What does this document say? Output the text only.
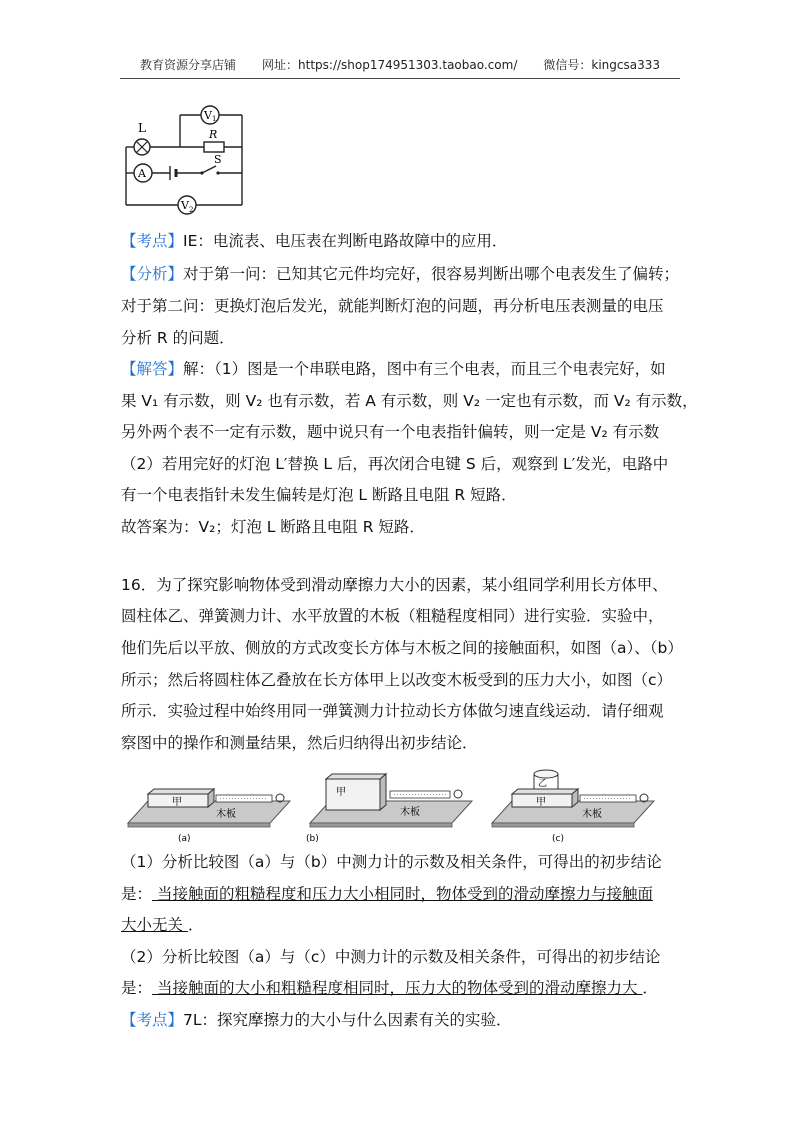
教育资源分享店铺 网址：https://shop174951303.taobao.com/ 微信号：kingcsa333
L	R
V 1
A
S
V 2
【考点】IE：电流表、电压表在判断电路故障中的应用．
【分析】对于第一问：已知其它元件均完好，很容易判断出哪个电表发生了偏转；
对于第二问：更换灯泡后发光，就能判断灯泡的问题，再分析电压表测量的电压
分析 R 的问题．
【解答】解：（1）图是一个串联电路，图中有三个电表，而且三个电表完好，如
果 V₁ 有示数，则 V₂ 也有示数，若 A 有示数，则 V₂ 一定也有示数，而 V₂ 有示数，
另外两个表不一定有示数，题中说只有一个电表指针偏转，则一定是 V₂ 有示数
（2）若用完好的灯泡 L′替换 L 后，再次闭合电键 S 后，观察到 L′发光，电路中
有一个电表指针未发生偏转是灯泡 L 断路且电阻 R 短路．
故答案为：V₂；灯泡 L 断路且电阻 R 短路．
16．为了探究影响物体受到滑动摩擦力大小的因素，某小组同学利用长方体甲、
圆柱体乙、弹簧测力计、水平放置的木板（粗糙程度相同）进行实验．实验中，
他们先后以平放、侧放的方式改变长方体与木板之间的接触面积，如图（a）、（b）
所示；然后将圆柱体乙叠放在长方体甲上以改变木板受到的压力大小，如图（c）
所示．实验过程中始终用同一弹簧测力计拉动长方体做匀速直线运动．请仔细观
察图中的操作和测量结果，然后归纳得出初步结论．
甲
木板
(a)
甲
木板
(b)
甲
乙
木板
(c)
（1）分析比较图（a）与（b）中测力计的示数及相关条件，可得出的初步结论
是： 当接触面的粗糙程度和压力大小相同时，物体受到的滑动摩擦力与接触面
大小无关 ．
（2）分析比较图（a）与（c）中测力计的示数及相关条件，可得出的初步结论
是： 当接触面的大小和粗糙程度相同时，压力大的物体受到的滑动摩擦力大 ．
【考点】7L：探究摩擦力的大小与什么因素有关的实验．
